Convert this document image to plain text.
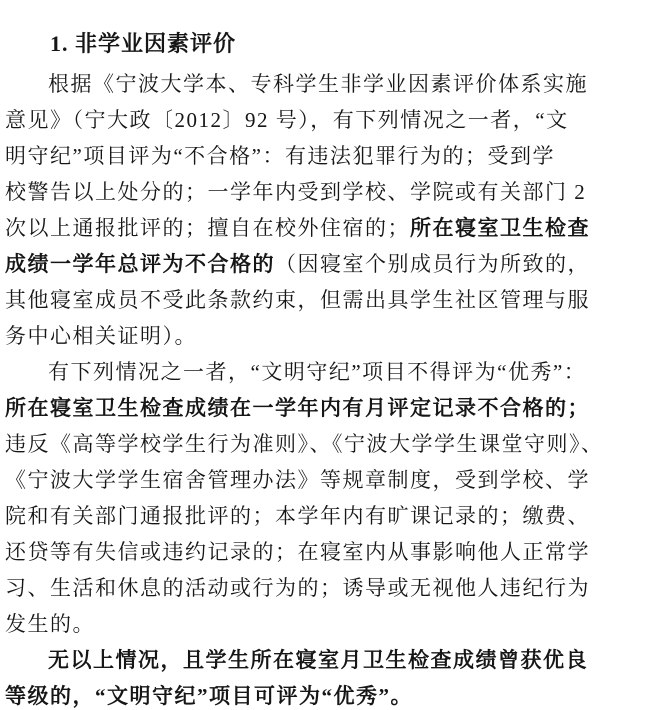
1. 非学业因素评价
根据《宁波大学本、专科学生非学业因素评价体系实施
意见》（宁大政〔2012〕92 号），有下列情况之一者，“文
明守纪”项目评为“不合格”：有违法犯罪行为的；受到学
校警告以上处分的；一学年内受到学校、学院或有关部门 2
次以上通报批评的；擅自在校外住宿的；所在寝室卫生检查
成绩一学年总评为不合格的（因寝室个别成员行为所致的，
其他寝室成员不受此条款约束，但需出具学生社区管理与服
务中心相关证明）。
有下列情况之一者，“文明守纪”项目不得评为“优秀”：
所在寝室卫生检查成绩在一学年内有月评定记录不合格的；
违反《高等学校学生行为准则》、《宁波大学学生课堂守则》、
《宁波大学学生宿舍管理办法》等规章制度，受到学校、学
院和有关部门通报批评的；本学年内有旷课记录的；缴费、
还贷等有失信或违约记录的；在寝室内从事影响他人正常学
习、生活和休息的活动或行为的；诱导或无视他人违纪行为
发生的。
无以上情况，且学生所在寝室月卫生检查成绩曾获优良
等级的，“文明守纪”项目可评为“优秀”。
